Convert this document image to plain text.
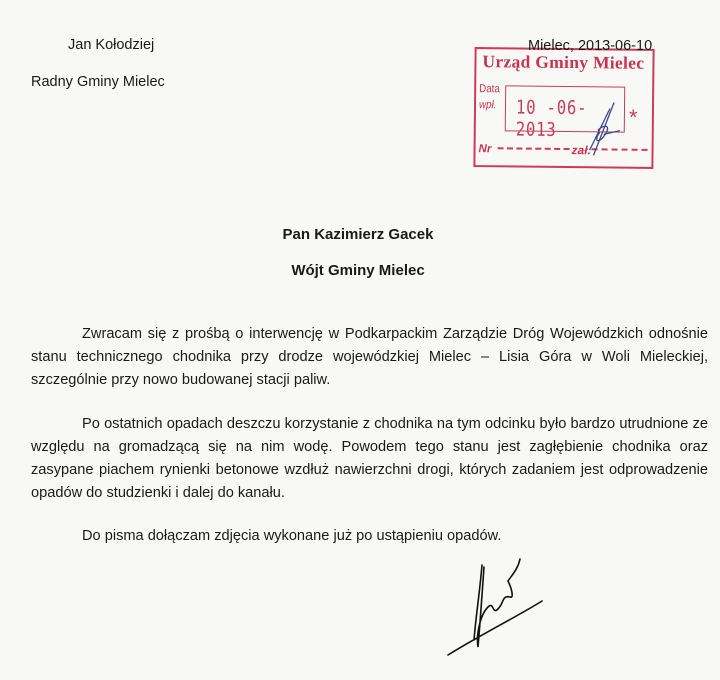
Jan Kołodziej
Radny Gminy Mielec
Urząd Gminy Mielec
Data
wpł. 10 -06- 2013	*
Nr	zał.
Mielec, 2013-06-10
Pan Kazimierz Gacek
Wójt Gminy Mielec

Zwracam się z prośbą o interwencję w Podkarpackim Zarządzie Dróg Wojewódzkich odnośnie stanu technicznego chodnika przy drodze wojewódzkiej Mielec – Lisia Góra w Woli Mieleckiej, szczególnie przy nowo budowanej stacji paliw.

Po ostatnich opadach deszczu korzystanie z chodnika na tym odcinku było bardzo utrudnione ze względu na gromadzącą się na nim wodę. Powodem tego stanu jest zagłębienie chodnika oraz zasypane piachem rynienki betonowe wzdłuż nawierzchni drogi, których zadaniem jest odprowadzenie opadów do studzienki i dalej do kanału.

Do pisma dołączam zdjęcia wykonane już po ustąpieniu opadów.
